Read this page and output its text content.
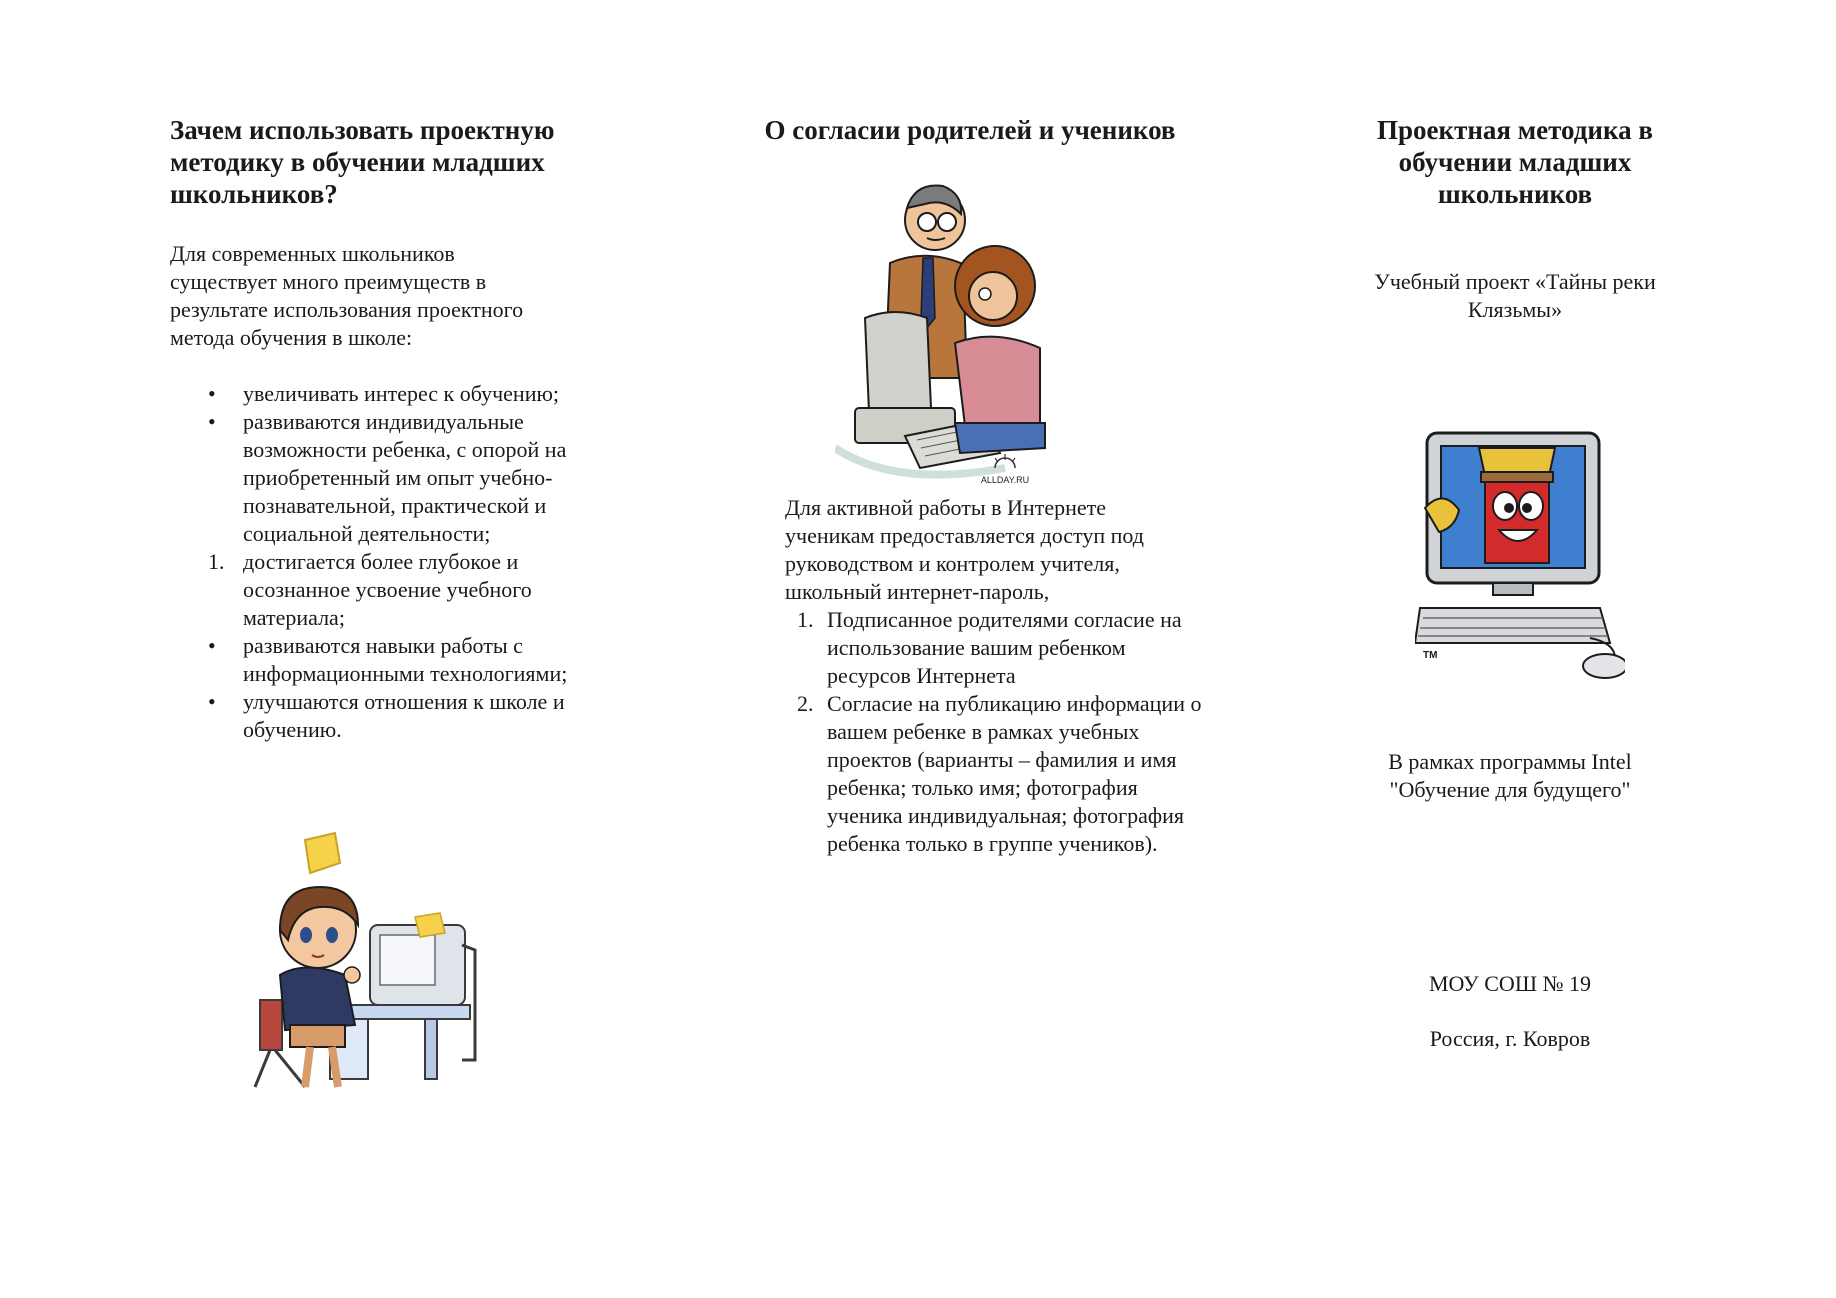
Зачем использовать проектную методику в обучении младших школьников?
Для современных школьников существует много преимуществ в результате использования проектного метода обучения в школе:
•	увеличивать интерес к обучению;
•	развиваются индивидуальные возможности ребенка, с опорой на приобретенный им опыт учебно-познавательной, практической и социальной деятельности;
1. достигается более глубокое и осознанное усвоение учебного материала;
•	развиваются навыки работы с информационными технологиями;
•	улучшаются отношения к школе и обучению.
О согласии родителей и учеников
ALLDAY.RU
Для активной работы в Интернете ученикам предоставляется доступ под руководством и контролем учителя, школьный интернет-пароль,
1. Подписанное родителями согласие на использование вашим ребенком ресурсов Интернета
2. Согласие на публикацию информации о вашем ребенке в рамках учебных проектов (варианты – фамилия и имя ребенка; только имя; фотография ученика индивидуальная; фотография ребенка только в группе учеников).
Проектная методика в обучении младших школьников
Учебный проект «Тайны реки Клязьмы»
TM
В рамках программы Intel "Обучение для будущего"
МОУ СОШ № 19
Россия, г. Ковров
